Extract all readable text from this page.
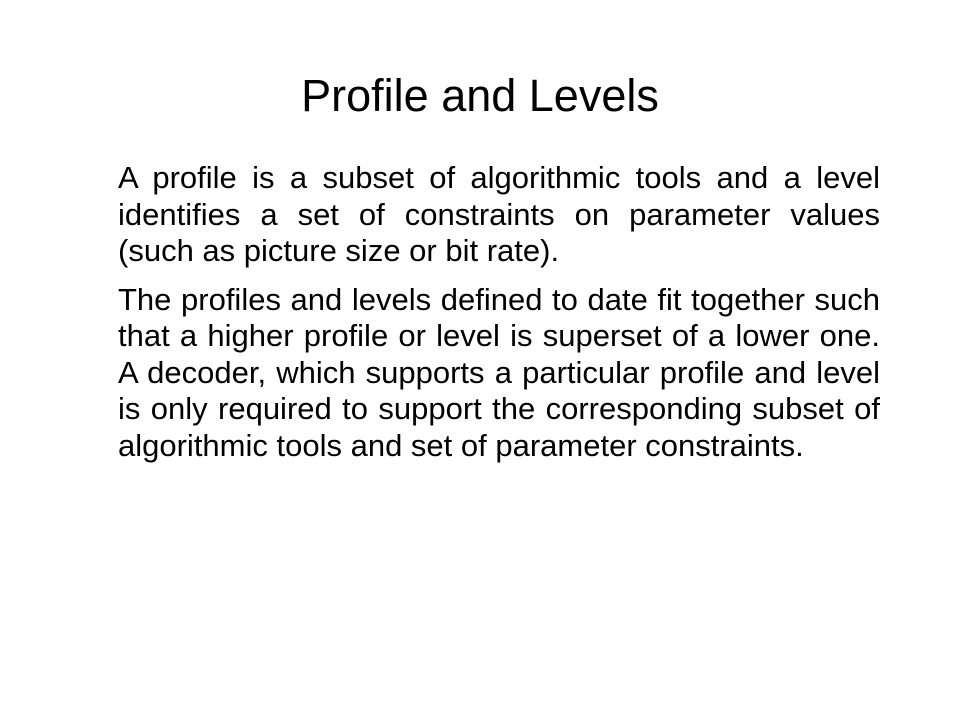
Profile and Levels

A profile is a subset of algorithmic tools and a level identifies a set of constraints on parameter values (such as picture size or bit rate).

The profiles and levels defined to date fit together such that a higher profile or level is superset of a lower one. A decoder, which supports a particular profile and level is only required to support the corresponding subset of algorithmic tools and set of parameter constraints.
